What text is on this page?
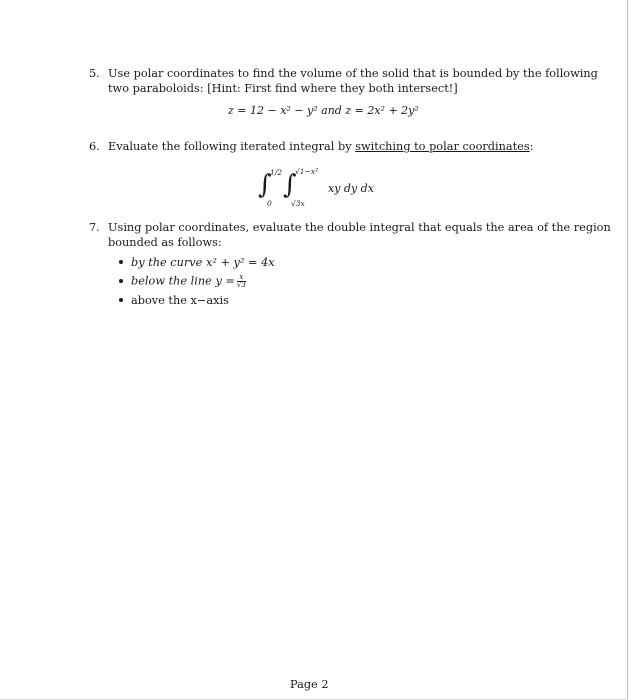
5. Use polar coordinates to find the volume of the solid that is bounded by the following
two paraboloids: [Hint: First find where they both intersect!]
z = 12 − x² − y² and z = 2x² + 2y²
6. Evaluate the following iterated integral by switching to polar coordinates:
∫
1/2
0
∫
√1−x²
√3x
xy dy dx
7. Using polar coordinates, evaluate the double integral that equals the area of the region
bounded as follows:
by the curve x² + y² = 4x
below the line $y = \frac{x}{√3}$
above the x−axis
Page 2
